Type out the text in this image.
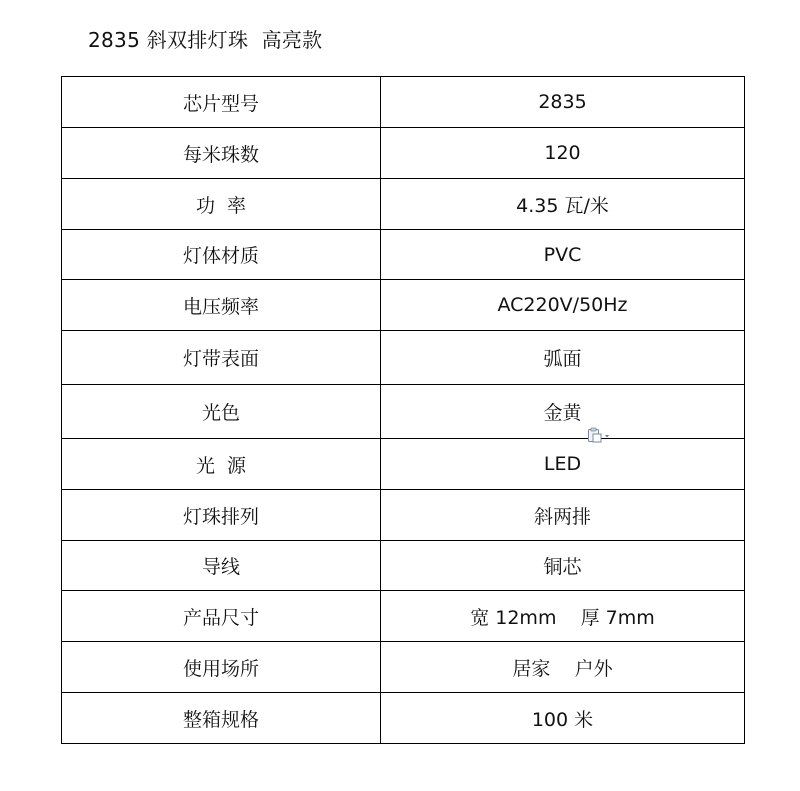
2835 斜双排灯珠  高亮款
芯片型号	2835
每米珠数	120
功  率	4.35 瓦/米
灯体材质	PVC
电压频率	AC220V/50Hz
灯带表面	弧面
光色	金黄
光  源	LED
灯珠排列	斜两排
导线	铜芯
产品尺寸	宽 12mm    厚 7mm
使用场所	居家    户外
整箱规格	100 米
